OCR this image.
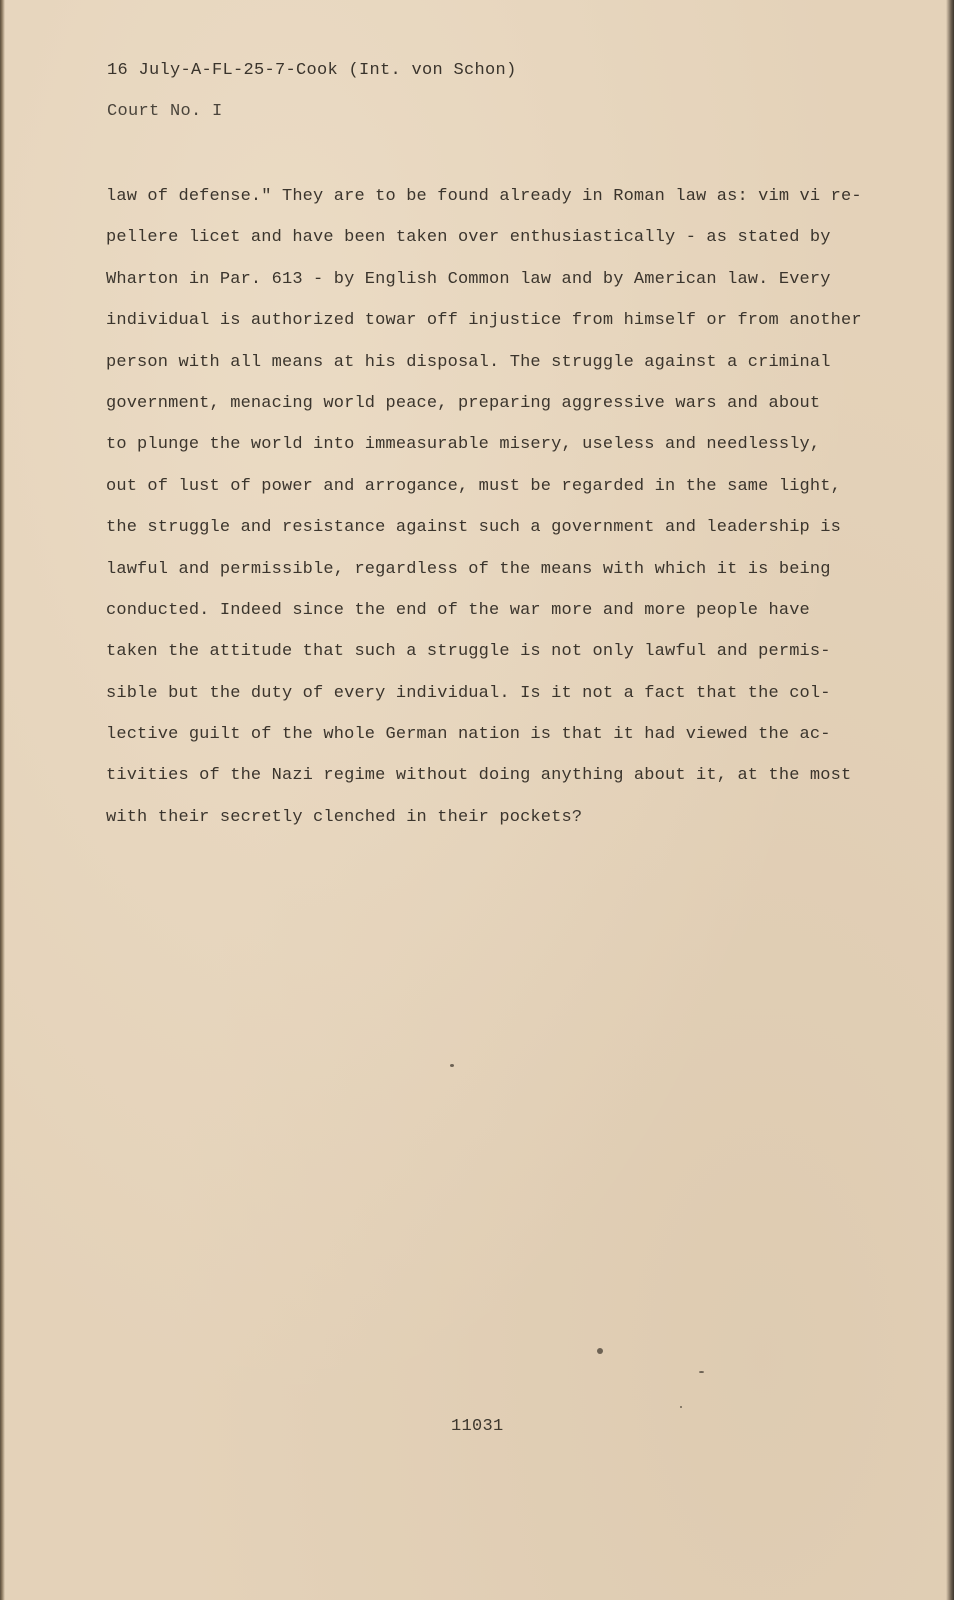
16 July-A-FL-25-7-Cook (Int. von Schon)
Court No. I
law of defense." They are to be found already in Roman law as: vim vi re-
pellere licet and have been taken over enthusiastically - as stated by
Wharton in Par. 613 - by English Common law and by American law. Every
individual is authorized towar off injustice from himself or from another
person with all means at his disposal. The struggle against a criminal
government, menacing world peace, preparing aggressive wars and about
to plunge the world into immeasurable misery, useless and needlessly,
out of lust of power and arrogance, must be regarded in the same light,
the struggle and resistance against such a government and leadership is
lawful and permissible, regardless of the means with which it is being
conducted. Indeed since the end of the war more and more people have
taken the attitude that such a struggle is not only lawful and permis-
sible but the duty of every individual. Is it not a fact that the col-
lective guilt of the whole German nation is that it had viewed the ac-
tivities of the Nazi regime without doing anything about it, at the most
with their secretly clenched in their pockets?
11031
